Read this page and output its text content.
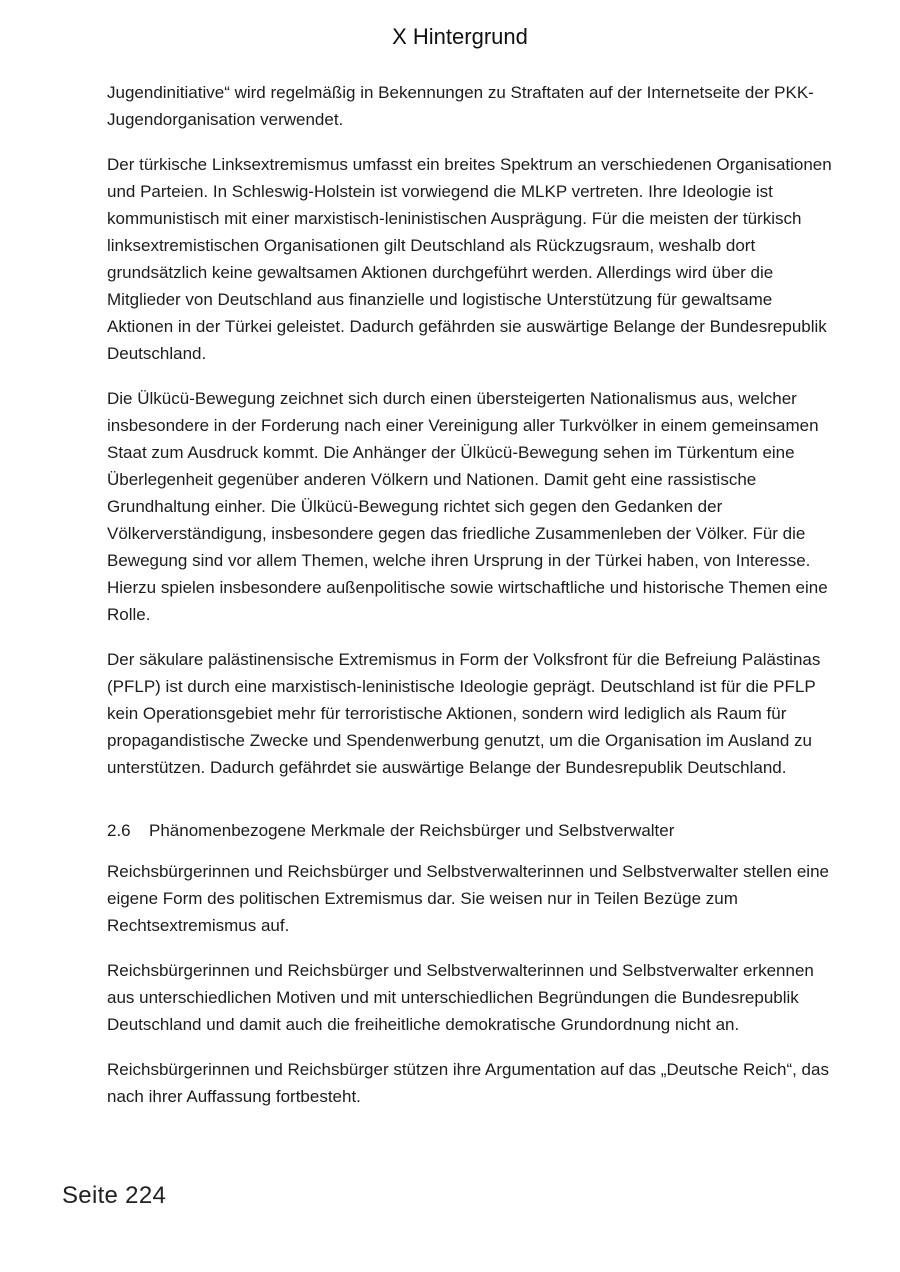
X Hintergrund

Jugendinitiative“ wird regelmäßig in Bekennungen zu Straftaten auf der Internetseite der PKK-Jugendorganisation verwendet.

Der türkische Linksextremismus umfasst ein breites Spektrum an verschiedenen Organisationen und Parteien. In Schleswig-Holstein ist vorwiegend die MLKP vertreten. Ihre Ideologie ist kommunistisch mit einer marxistisch-leninistischen Ausprägung. Für die meisten der türkisch linksextremistischen Organisationen gilt Deutschland als Rückzugsraum, weshalb dort grundsätzlich keine gewaltsamen Aktionen durchgeführt werden. Allerdings wird über die Mitglieder von Deutschland aus finanzielle und logistische Unterstützung für gewaltsame Aktionen in der Türkei geleistet. Dadurch gefährden sie auswärtige Belange der Bundesrepublik Deutschland.

Die Ülkücü-Bewegung zeichnet sich durch einen übersteigerten Nationalismus aus, welcher insbesondere in der Forderung nach einer Vereinigung aller Turkvölker in einem gemeinsamen Staat zum Ausdruck kommt. Die Anhänger der Ülkücü-Bewegung sehen im Türkentum eine Überlegenheit gegenüber anderen Völkern und Nationen. Damit geht eine rassistische Grundhaltung einher. Die Ülkücü-Bewegung richtet sich gegen den Gedanken der Völkerverständigung, insbesondere gegen das friedliche Zusammenleben der Völker. Für die Bewegung sind vor allem Themen, welche ihren Ursprung in der Türkei haben, von Interesse. Hierzu spielen insbesondere außenpolitische sowie wirtschaftliche und historische Themen eine Rolle.

Der säkulare palästinensische Extremismus in Form der Volksfront für die Befreiung Palästinas (PFLP) ist durch eine marxistisch-leninistische Ideologie geprägt. Deutschland ist für die PFLP kein Operationsgebiet mehr für terroristische Aktionen, sondern wird lediglich als Raum für propagandistische Zwecke und Spendenwerbung genutzt, um die Organisation im Ausland zu unterstützen. Dadurch gefährdet sie auswärtige Belange der Bundesrepublik Deutschland.

2.6 Phänomenbezogene Merkmale der Reichsbürger und Selbstverwalter

Reichsbürgerinnen und Reichsbürger und Selbstverwalterinnen und Selbstverwalter stellen eine eigene Form des politischen Extremismus dar. Sie weisen nur in Teilen Bezüge zum Rechtsextremismus auf.

Reichsbürgerinnen und Reichsbürger und Selbstverwalterinnen und Selbstverwalter erkennen aus unterschiedlichen Motiven und mit unterschiedlichen Begründungen die Bundesrepublik Deutschland und damit auch die freiheitliche demokratische Grundordnung nicht an.

Reichsbürgerinnen und Reichsbürger stützen ihre Argumentation auf das „Deutsche Reich“, das nach ihrer Auffassung fortbesteht.

Seite 224
